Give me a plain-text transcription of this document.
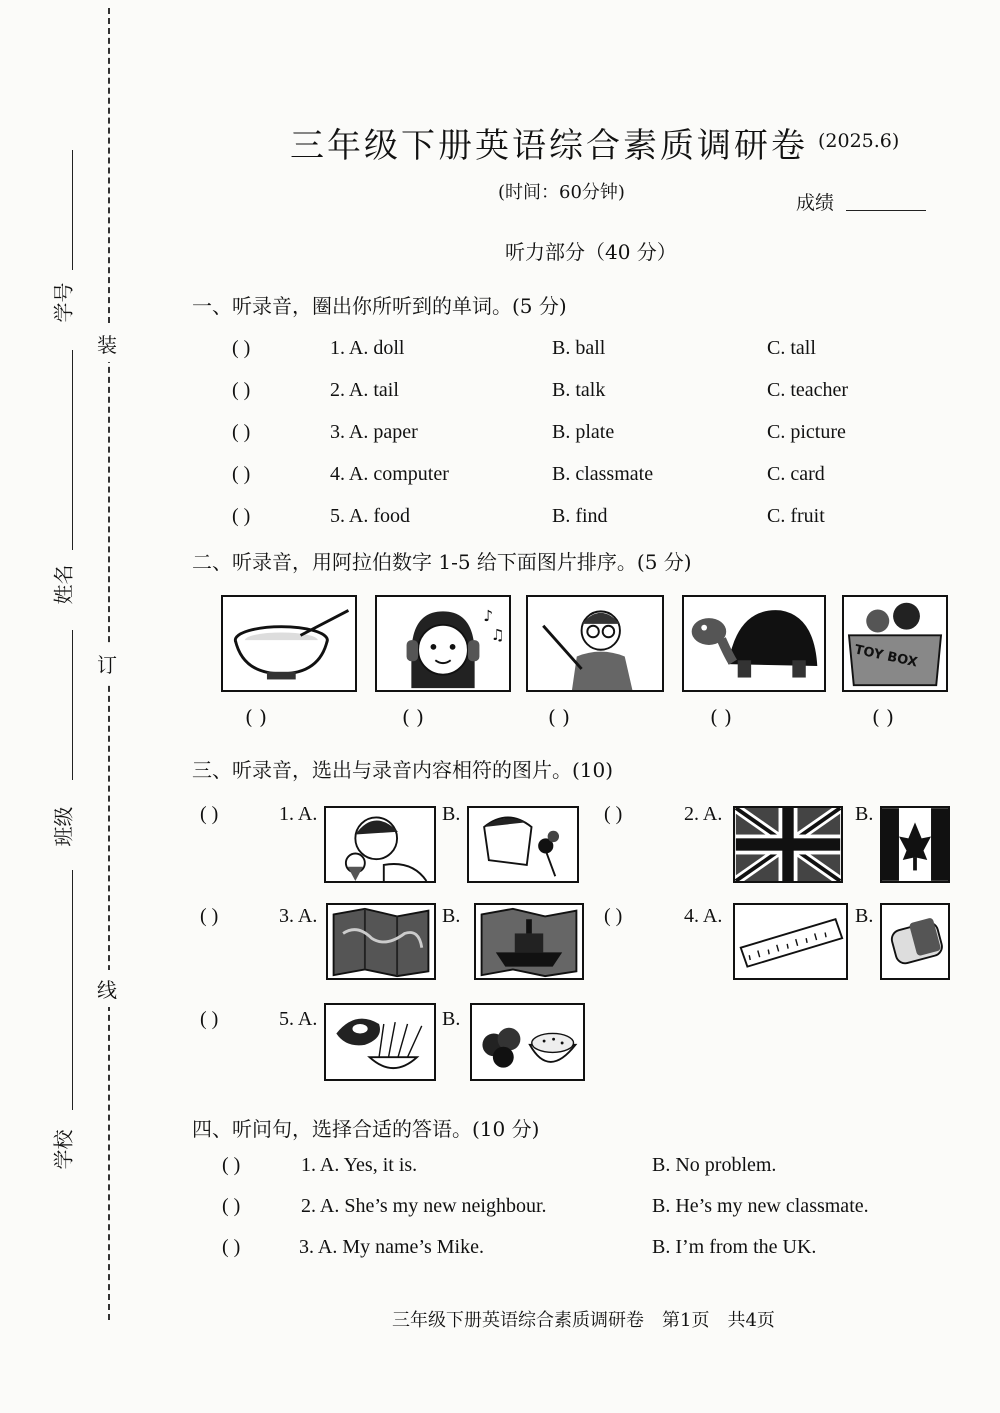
装
订
线
学号
姓名
班级
学校
三年级下册英语综合素质调研卷 (2025.6)
(时间：60分钟)	成绩
听力部分（40 分）
一、听录音，圈出你所听到的单词。(5 分)
( )	1. A. doll	B. ball	C. tall
( )	2. A. tail	B. talk	C. teacher
( )	3. A. paper	B. plate	C. picture
( )	4. A. computer	B. classmate	C. card
( )	5. A. food	B. find	C. fruit
二、听录音，用阿拉伯数字 1-5 给下面图片排序。(5 分)
♪
♫
TOY BOX
( )	( )	( )	( )	( )
三、听录音，选出与录音内容相符的图片。(10)
( )	1. A.	B.	( )	2. A.	B.
( )	3. A.	B.	( )	4. A.	B.
( )	5. A.	B.
四、听问句，选择合适的答语。(10 分)
( )	1. A. Yes, it is.	B. No problem.
( )	2. A. She’s my new neighbour.	B. He’s my new classmate.
( )	3. A. My name’s Mike.	B. I’m from the UK.
三年级下册英语综合素质调研卷　第1页　共4页
